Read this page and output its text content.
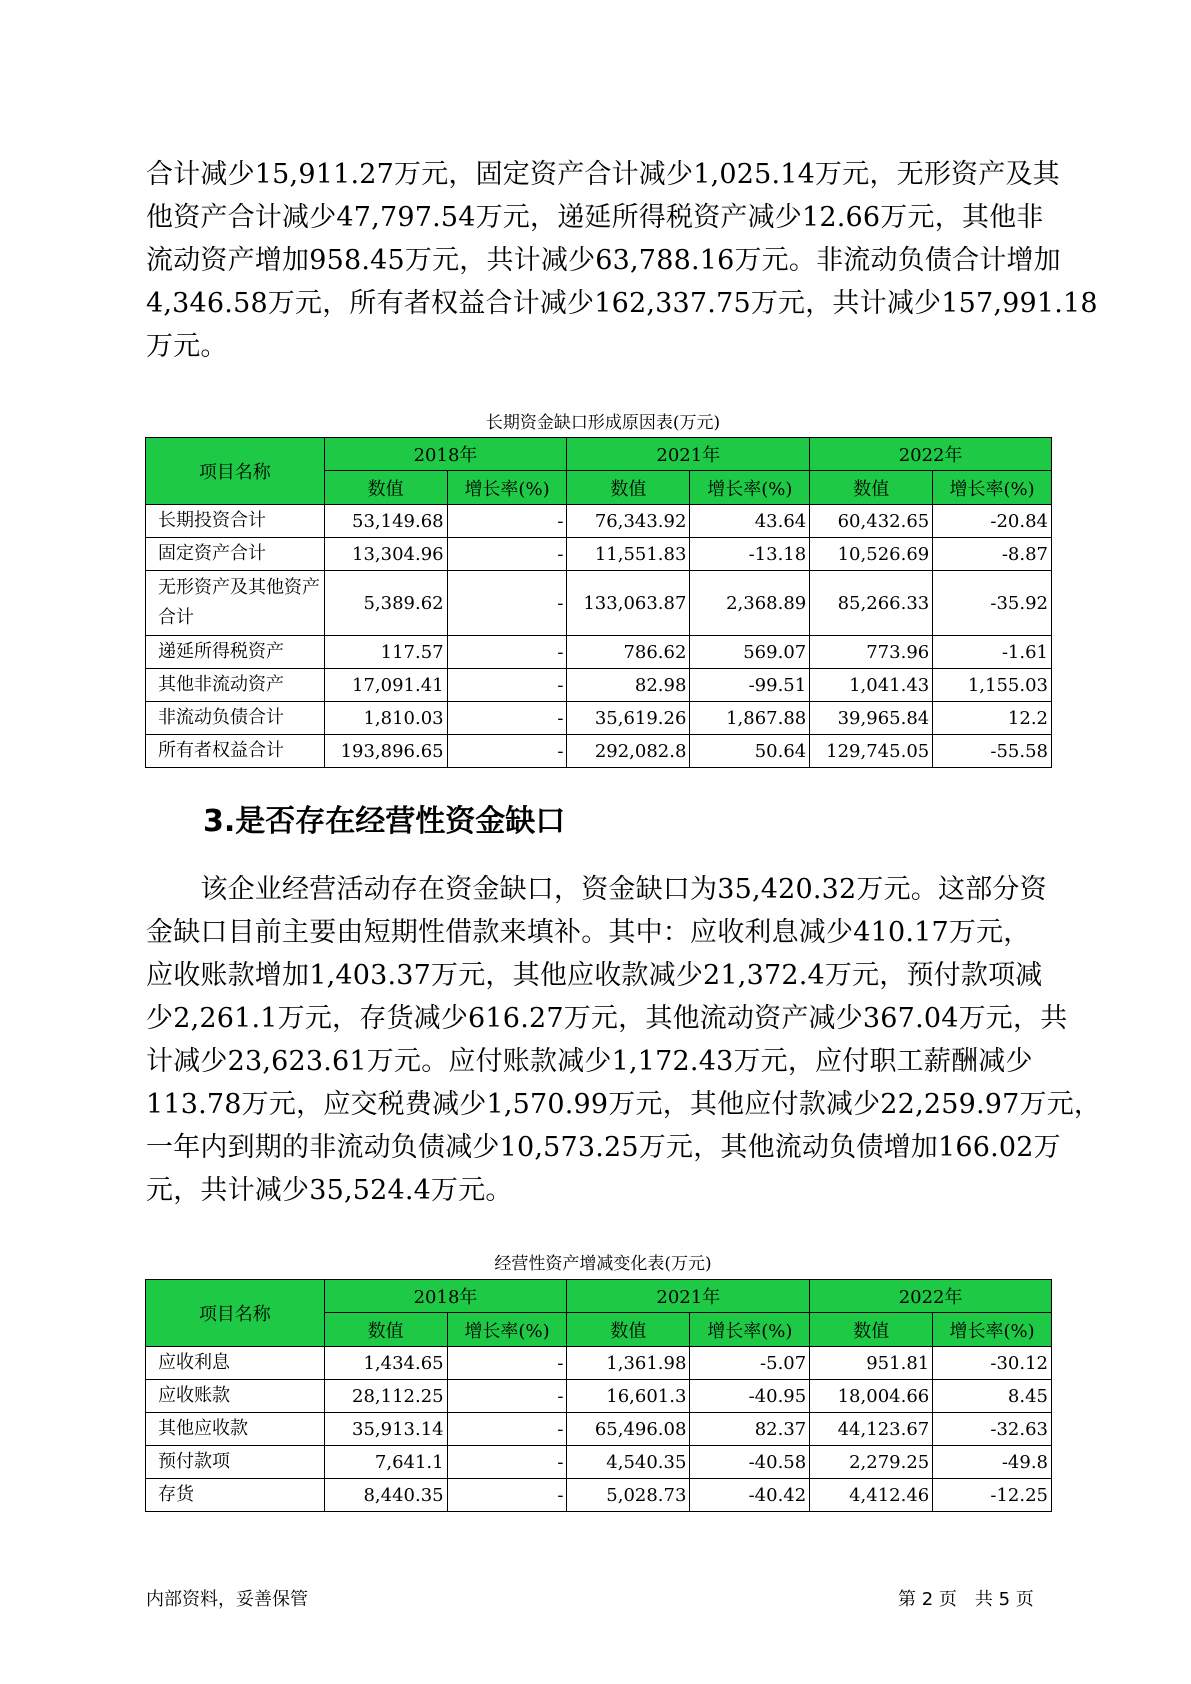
合计减少15,911.27万元，固定资产合计减少1,025.14万元，无形资产及其
他资产合计减少47,797.54万元，递延所得税资产减少12.66万元，其他非
流动资产增加958.45万元，共计减少63,788.16万元。非流动负债合计增加
4,346.58万元，所有者权益合计减少162,337.75万元，共计减少157,991.18
万元。

长期资金缺口形成原因表(万元)
项目名称	2018年		2021年		2022年	
	数值	增长率(%)	数值	增长率(%)	数值	增长率(%)
长期投资合计	53,149.68	-	76,343.92	43.64	60,432.65	-20.84
固定资产合计	13,304.96	-	11,551.83	-13.18	10,526.69	-8.87
无形资产及其他资产合计	5,389.62	-	133,063.87	2,368.89	85,266.33	-35.92
递延所得税资产	117.57	-	786.62	569.07	773.96	-1.61
其他非流动资产	17,091.41	-	82.98	-99.51	1,041.43	1,155.03
非流动负债合计	1,810.03	-	35,619.26	1,867.88	39,965.84	12.2
所有者权益合计	193,896.65	-	292,082.8	50.64	129,745.05	-55.58
3.是否存在经营性资金缺口

　　该企业经营活动存在资金缺口，资金缺口为35,420.32万元。这部分资
金缺口目前主要由短期性借款来填补。其中：应收利息减少410.17万元，
应收账款增加1,403.37万元，其他应收款减少21,372.4万元，预付款项减
少2,261.1万元，存货减少616.27万元，其他流动资产减少367.04万元，共
计减少23,623.61万元。应付账款减少1,172.43万元，应付职工薪酬减少
113.78万元，应交税费减少1,570.99万元，其他应付款减少22,259.97万元，
一年内到期的非流动负债减少10,573.25万元，其他流动负债增加166.02万
元，共计减少35,524.4万元。

经营性资产增减变化表(万元)
项目名称	2018年		2021年		2022年	
	数值	增长率(%)	数值	增长率(%)	数值	增长率(%)
应收利息	1,434.65	-	1,361.98	-5.07	951.81	-30.12
应收账款	28,112.25	-	16,601.3	-40.95	18,004.66	8.45
其他应收款	35,913.14	-	65,496.08	82.37	44,123.67	-32.63
预付款项	7,641.1	-	4,540.35	-40.58	2,279.25	-49.8
存货	8,440.35	-	5,028.73	-40.42	4,412.46	-12.25
内部资料，妥善保管	第 2 页　共 5 页
